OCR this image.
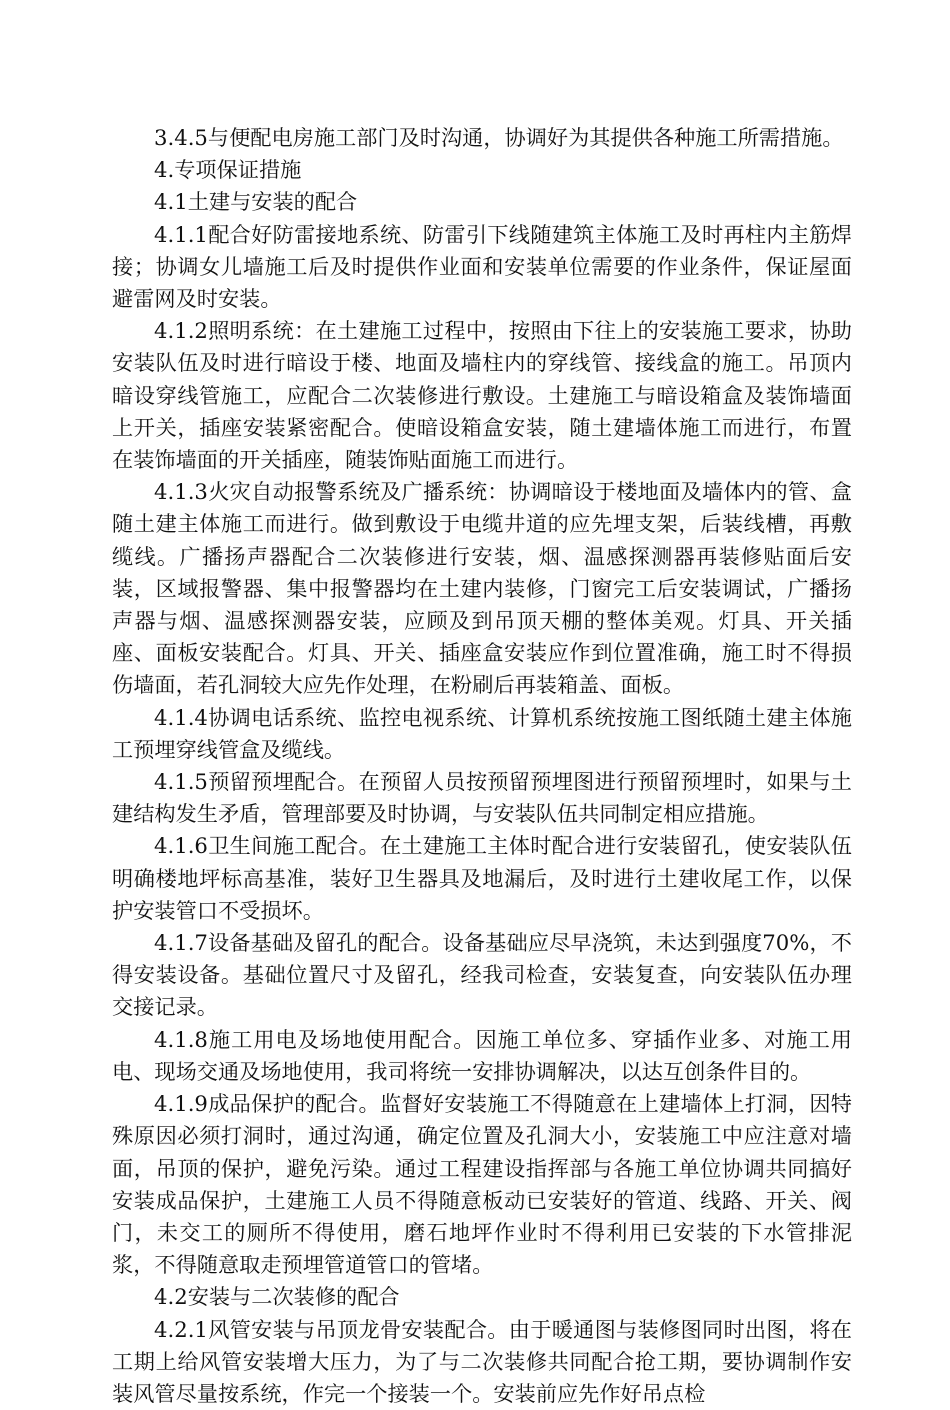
3.4.5与便配电房施工部门及时沟通，协调好为其提供各种施工所需措施。

4.专项保证措施

4.1土建与安装的配合

4.1.1配合好防雷接地系统、防雷引下线随建筑主体施工及时再柱内主筋焊接；协调女儿墙施工后及时提供作业面和安装单位需要的作业条件，保证屋面避雷网及时安装。

4.1.2照明系统：在土建施工过程中，按照由下往上的安装施工要求，协助安装队伍及时进行暗设于楼、地面及墙柱内的穿线管、接线盒的施工。吊顶内暗设穿线管施工，应配合二次装修进行敷设。土建施工与暗设箱盒及装饰墙面上开关，插座安装紧密配合。使暗设箱盒安装，随土建墙体施工而进行，布置在装饰墙面的开关插座，随装饰贴面施工而进行。

4.1.3火灾自动报警系统及广播系统：协调暗设于楼地面及墙体内的管、盒随土建主体施工而进行。做到敷设于电缆井道的应先埋支架，后装线槽，再敷缆线。广播扬声器配合二次装修进行安装，烟、温感探测器再装修贴面后安装，区域报警器、集中报警器均在土建内装修，门窗完工后安装调试，广播扬声器与烟、温感探测器安装，应顾及到吊顶天棚的整体美观。灯具、开关插座、面板安装配合。灯具、开关、插座盒安装应作到位置准确，施工时不得损伤墙面，若孔洞较大应先作处理，在粉刷后再装箱盖、面板。

4.1.4协调电话系统、监控电视系统、计算机系统按施工图纸随土建主体施工预埋穿线管盒及缆线。

4.1.5预留预埋配合。在预留人员按预留预埋图进行预留预埋时，如果与土建结构发生矛盾，管理部要及时协调，与安装队伍共同制定相应措施。

4.1.6卫生间施工配合。在土建施工主体时配合进行安装留孔，使安装队伍明确楼地坪标高基准，装好卫生器具及地漏后，及时进行土建收尾工作，以保护安装管口不受损坏。

4.1.7设备基础及留孔的配合。设备基础应尽早浇筑，未达到强度70%，不得安装设备。基础位置尺寸及留孔，经我司检查，安装复查，向安装队伍办理交接记录。

4.1.8施工用电及场地使用配合。因施工单位多、穿插作业多、对施工用电、现场交通及场地使用，我司将统一安排协调解决，以达互创条件目的。

4.1.9成品保护的配合。监督好安装施工不得随意在上建墙体上打洞，因特殊原因必须打洞时，通过沟通，确定位置及孔洞大小，安装施工中应注意对墙面，吊顶的保护，避免污染。通过工程建设指挥部与各施工单位协调共同搞好安装成品保护，土建施工人员不得随意板动已安装好的管道、线路、开关、阀门，未交工的厕所不得使用，磨石地坪作业时不得利用已安装的下水管排泥浆，不得随意取走预埋管道管口的管堵。

4.2安装与二次装修的配合

4.2.1风管安装与吊顶龙骨安装配合。由于暖通图与装修图同时出图，将在工期上给风管安装增大压力，为了与二次装修共同配合抢工期，要协调制作安装风管尽量按系统，作完一个接装一个。安装前应先作好吊点检
